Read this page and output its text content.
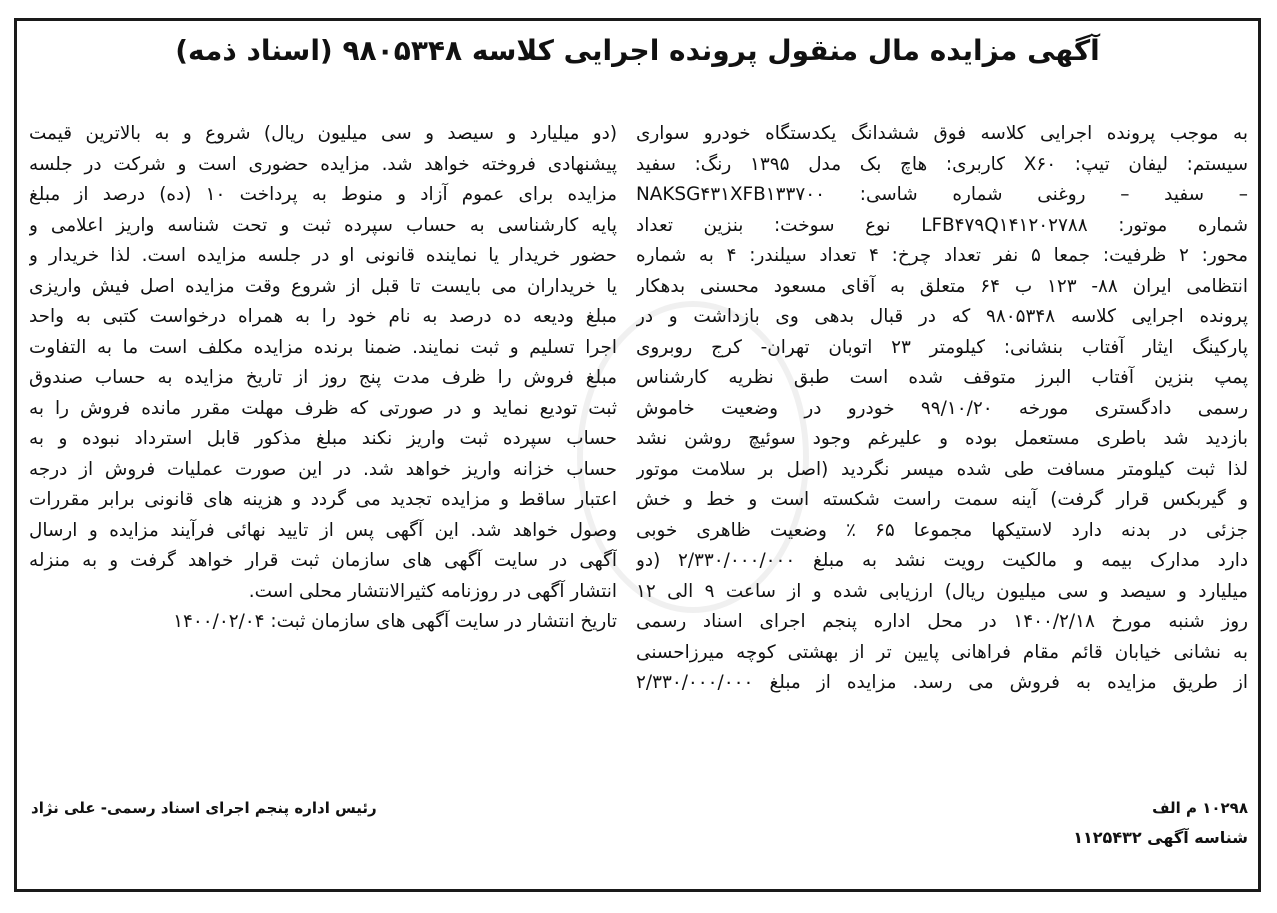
آگهی مزایده مال منقول پرونده اجرایی کلاسه ۹۸۰۵۳۴۸ (اسناد ذمه)
به موجب پرونده اجرایی کلاسه فوق ششدانگ یکدستگاه خودرو سواری
سیستم: لیفان تیپ: X۶۰ کاربری: هاچ بک مدل ۱۳۹۵ رنگ: سفید
– سفید – روغنی شماره شاسی: NAKSG۴۳۱XFB۱۳۳۷۰۰
شماره موتور: LFB۴۷۹Q۱۴۱۲۰۲۷۸۸ نوع سوخت: بنزین تعداد
محور: ۲ ظرفیت: جمعا ۵ نفر تعداد چرخ: ۴ تعداد سیلندر: ۴ به شماره
انتظامی ایران ۸۸- ۱۲۳ ب ۶۴ متعلق به آقای مسعود محسنی بدهکار
پرونده اجرایی کلاسه ۹۸۰۵۳۴۸ که در قبال بدهی وی بازداشت و در
پارکینگ ایثار آفتاب بنشانی: کیلومتر ۲۳ اتوبان تهران- کرج روبروی
پمپ بنزین آفتاب البرز متوقف شده است طبق نظریه کارشناس
رسمی دادگستری مورخه ۹۹/۱۰/۲۰ خودرو در وضعیت خاموش
بازدید شد باطری مستعمل بوده و علیرغم وجود سوئیچ روشن نشد
لذا ثبت کیلومتر مسافت طی شده میسر نگردید (اصل بر سلامت موتور
و گیربکس قرار گرفت) آینه سمت راست شکسته است و خط و خش
جزئی در بدنه دارد لاستیکها مجموعا ۶۵ ٪ وضعیت ظاهری خوبی
دارد مدارک بیمه و مالکیت رویت نشد به مبلغ ۲/۳۳۰/۰۰۰/۰۰۰ (دو
میلیارد و سیصد و سی میلیون ریال) ارزیابی شده و از ساعت ۹ الی ۱۲
روز شنبه مورخ ۱۴۰۰/۲/۱۸ در محل اداره پنجم اجرای اسناد رسمی
به نشانی خیابان قائم مقام فراهانی پایین تر از بهشتی کوچه میرزاحسنی
از طریق مزایده به فروش می رسد. مزایده از مبلغ ۲/۳۳۰/۰۰۰/۰۰۰
(دو میلیارد و سیصد و سی میلیون ریال) شروع و به بالاترین قیمت
پیشنهادی فروخته خواهد شد. مزایده حضوری است و شرکت در جلسه
مزایده برای عموم آزاد و منوط به پرداخت ۱۰ (ده) درصد از مبلغ
پایه کارشناسی به حساب سپرده ثبت و تحت شناسه واریز اعلامی و
حضور خریدار یا نماینده قانونی او در جلسه مزایده است. لذا خریدار و
یا خریداران می بایست تا قبل از شروع وقت مزایده اصل فیش واریزی
مبلغ ودیعه ده درصد به نام خود را به همراه درخواست کتبی به واحد
اجرا تسلیم و ثبت نمایند. ضمنا برنده مزایده مکلف است ما به التفاوت
مبلغ فروش را ظرف مدت پنج روز از تاریخ مزایده به حساب صندوق
ثبت تودیع نماید و در صورتی که ظرف مهلت مقرر مانده فروش را به
حساب سپرده ثبت واریز نکند مبلغ مذکور قابل استرداد نبوده و به
حساب خزانه واریز خواهد شد. در این صورت عملیات فروش از درجه
اعتبار ساقط و مزایده تجدید می گردد و هزینه های قانونی برابر مقررات
وصول خواهد شد. این آگهی پس از تایید نهائی فرآیند مزایده و ارسال
آگهی در سایت آگهی های سازمان ثبت قرار خواهد گرفت و به منزله
انتشار آگهی در روزنامه کثیرالانتشار محلی است.
تاریخ انتشار در سایت آگهی های سازمان ثبت: ۱۴۰۰/۰۲/۰۴
۱۰۲۹۸ م الف
رئیس اداره پنجم اجرای اسناد رسمی- علی نژاد
شناسه آگهی ۱۱۲۵۴۳۲
